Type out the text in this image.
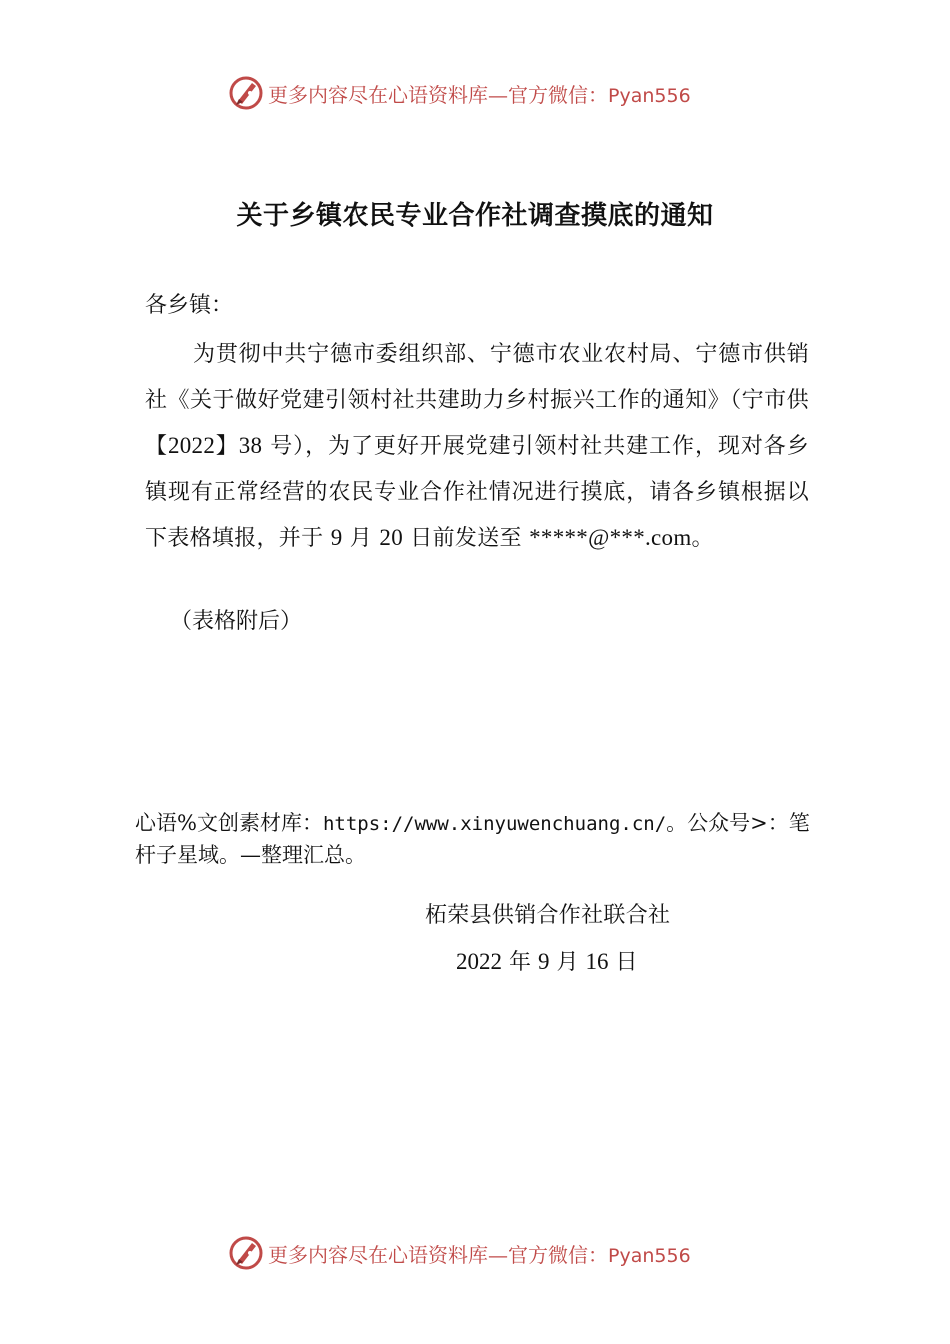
更多内容尽在心语资料库—官方微信：Pyan556
关于乡镇农民专业合作社调查摸底的通知
各乡镇：
为贯彻中共宁德市委组织部、宁德市农业农村局、宁德市供销社《关于做好党建引领村社共建助力乡村振兴工作的通知》（宁市供【2022】38 号），为了更好开展党建引领村社共建工作，现对各乡镇现有正常经营的农民专业合作社情况进行摸底，请各乡镇根据以下表格填报，并于 9 月 20 日前发送至 *****@***.com。
（表格附后）
心语%文创素材库：https://www.xinyuwenchuang.cn/。公众号>：笔杆子星域。—整理汇总。
柘荣县供销合作社联合社
2022 年 9 月 16 日
更多内容尽在心语资料库—官方微信：Pyan556
